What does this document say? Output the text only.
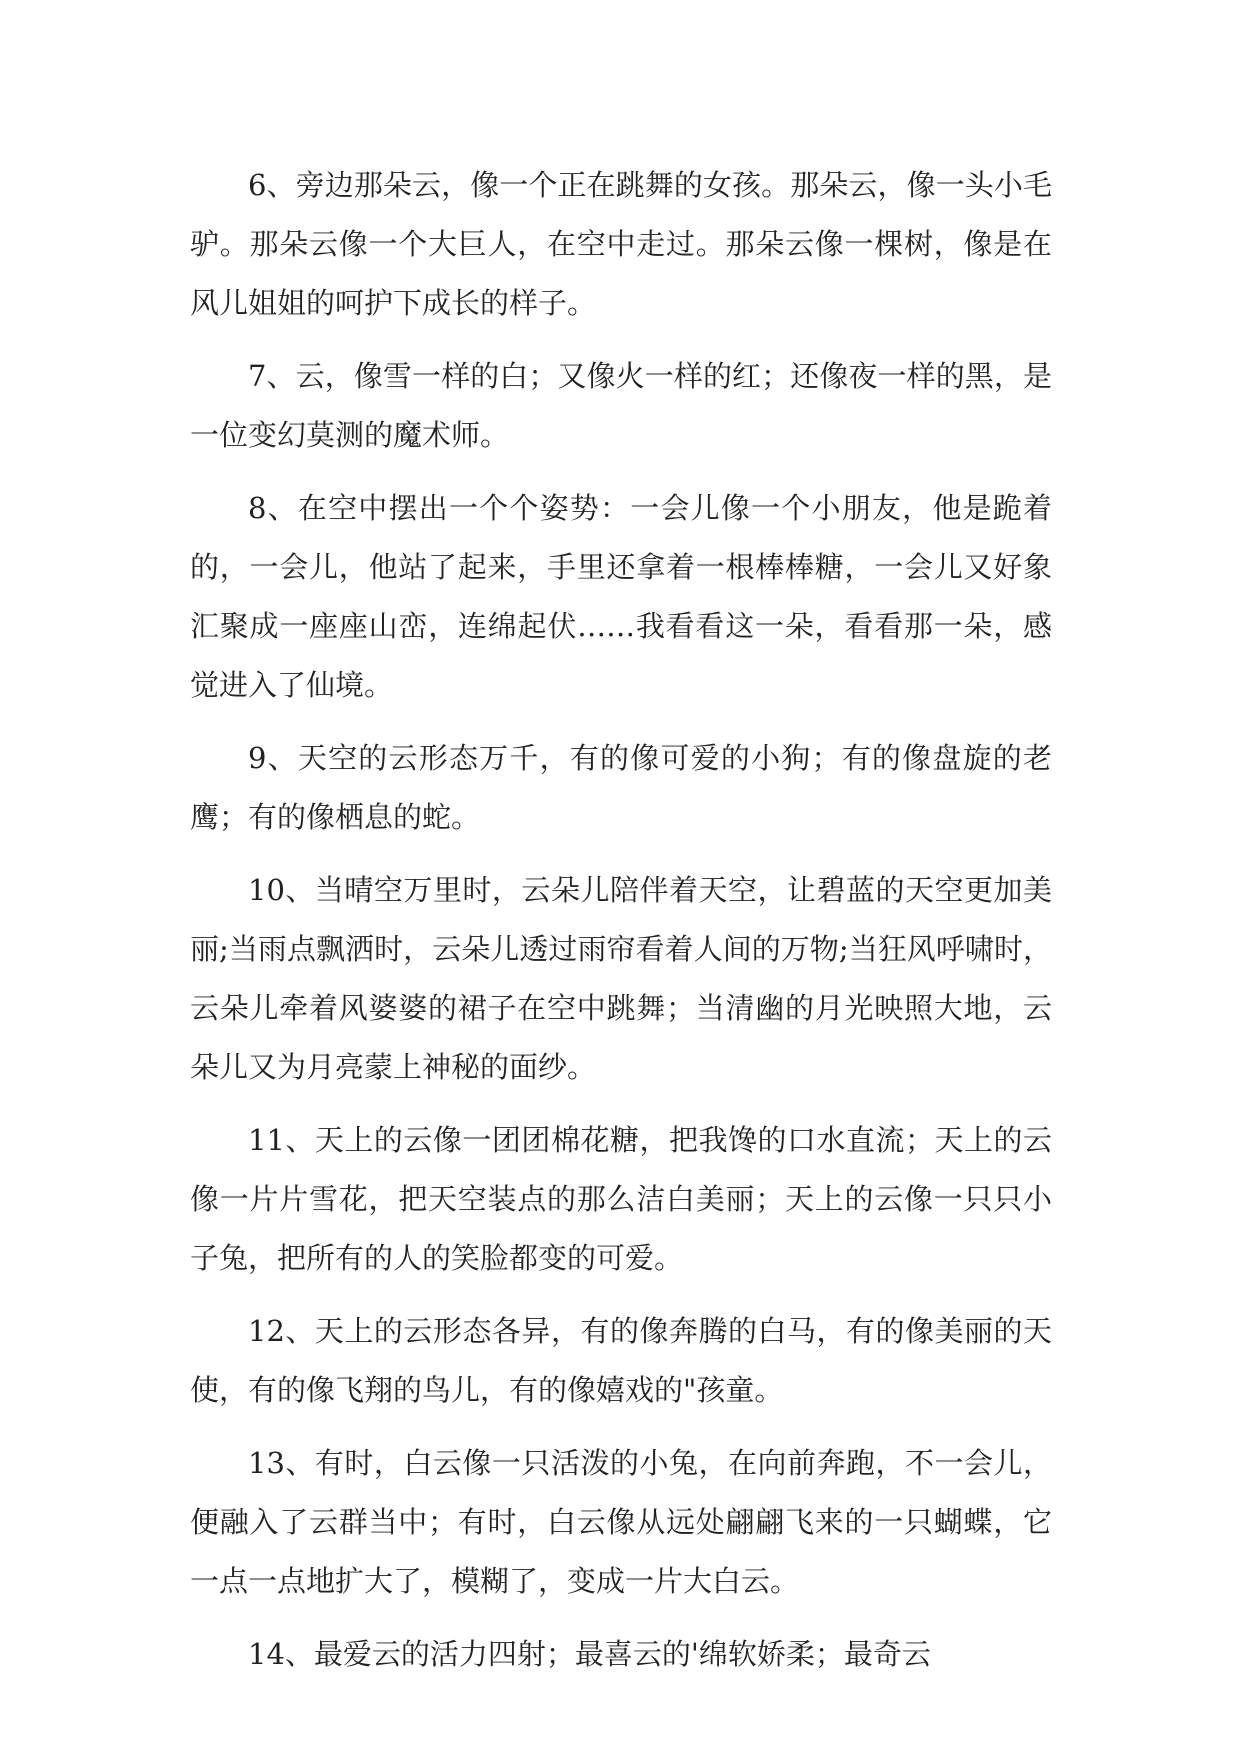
6、旁边那朵云，像一个正在跳舞的女孩。那朵云，像一头小毛驴。那朵云像一个大巨人，在空中走过。那朵云像一棵树，像是在风儿姐姐的呵护下成长的样子。

7、云，像雪一样的白；又像火一样的红；还像夜一样的黑，是一位变幻莫测的魔术师。

8、在空中摆出一个个姿势：一会儿像一个小朋友，他是跪着的，一会儿，他站了起来，手里还拿着一根棒棒糖，一会儿又好象汇聚成一座座山峦，连绵起伏……我看看这一朵，看看那一朵，感觉进入了仙境。

9、天空的云形态万千，有的像可爱的小狗；有的像盘旋的老鹰；有的像栖息的蛇。

10、当晴空万里时，云朵儿陪伴着天空，让碧蓝的天空更加美丽;当雨点飘洒时，云朵儿透过雨帘看着人间的万物;当狂风呼啸时，云朵儿牵着风婆婆的裙子在空中跳舞；当清幽的月光映照大地，云朵儿又为月亮蒙上神秘的面纱。

11、天上的云像一团团棉花糖，把我馋的口水直流；天上的云像一片片雪花，把天空装点的那么洁白美丽；天上的云像一只只小子兔，把所有的人的笑脸都变的可爱。

12、天上的云形态各异，有的像奔腾的白马，有的像美丽的天使，有的像飞翔的鸟儿，有的像嬉戏的"孩童。

13、有时，白云像一只活泼的小兔，在向前奔跑，不一会儿，便融入了云群当中；有时，白云像从远处翩翩飞来的一只蝴蝶，它一点一点地扩大了，模糊了，变成一片大白云。

14、最爱云的活力四射；最喜云的'绵软娇柔；最奇云
